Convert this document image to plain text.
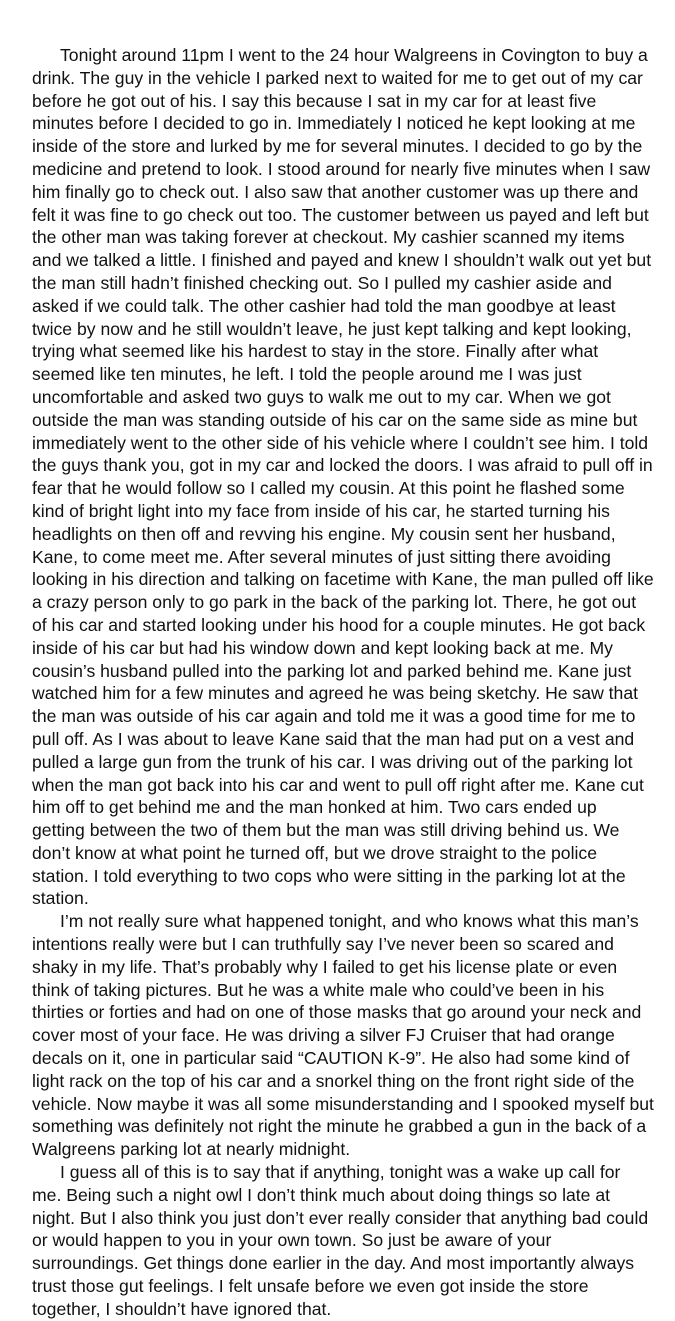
Tonight around 11pm I went to the 24 hour Walgreens in Covington to buy a drink. The guy in the vehicle I parked next to waited for me to get out of my car before he got out of his. I say this because I sat in my car for at least five minutes before I decided to go in. Immediately I noticed he kept looking at me inside of the store and lurked by me for several minutes. I decided to go by the medicine and pretend to look. I stood around for nearly five minutes when I saw him finally go to check out. I also saw that another customer was up there and felt it was fine to go check out too. The customer between us payed and left but the other man was taking forever at checkout. My cashier scanned my items and we talked a little. I finished and payed and knew I shouldn’t walk out yet but the man still hadn’t finished checking out. So I pulled my cashier aside and asked if we could talk. The other cashier had told the man goodbye at least twice by now and he still wouldn’t leave, he just kept talking and kept looking, trying what seemed like his hardest to stay in the store. Finally after what seemed like ten minutes, he left. I told the people around me I was just uncomfortable and asked two guys to walk me out to my car. When we got outside the man was standing outside of his car on the same side as mine but immediately went to the other side of his vehicle where I couldn’t see him. I told the guys thank you, got in my car and locked the doors. I was afraid to pull off in fear that he would follow so I called my cousin. At this point he flashed some kind of bright light into my face from inside of his car, he started turning his headlights on then off and revving his engine. My cousin sent her husband, Kane, to come meet me. After several minutes of just sitting there avoiding looking in his direction and talking on facetime with Kane, the man pulled off like a crazy person only to go park in the back of the parking lot. There, he got out of his car and started looking under his hood for a couple minutes. He got back inside of his car but had his window down and kept looking back at me. My cousin’s husband pulled into the parking lot and parked behind me. Kane just watched him for a few minutes and agreed he was being sketchy. He saw that the man was outside of his car again and told me it was a good time for me to pull off. As I was about to leave Kane said that the man had put on a vest and pulled a large gun from the trunk of his car. I was driving out of the parking lot when the man got back into his car and went to pull off right after me. Kane cut him off to get behind me and the man honked at him. Two cars ended up getting between the two of them but the man was still driving behind us. We don’t know at what point he turned off, but we drove straight to the police station. I told everything to two cops who were sitting in the parking lot at the station.

I’m not really sure what happened tonight, and who knows what this man’s intentions really were but I can truthfully say I’ve never been so scared and shaky in my life. That’s probably why I failed to get his license plate or even think of taking pictures. But he was a white male who could’ve been in his thirties or forties and had on one of those masks that go around your neck and cover most of your face. He was driving a silver FJ Cruiser that had orange decals on it, one in particular said “CAUTION K-9”. He also had some kind of light rack on the top of his car and a snorkel thing on the front right side of the vehicle. Now maybe it was all some misunderstanding and I spooked myself but something was definitely not right the minute he grabbed a gun in the back of a Walgreens parking lot at nearly midnight.

I guess all of this is to say that if anything, tonight was a wake up call for me. Being such a night owl I don’t think much about doing things so late at night. But I also think you just don’t ever really consider that anything bad could or would happen to you in your own town. So just be aware of your surroundings. Get things done earlier in the day. And most importantly always trust those gut feelings. I felt unsafe before we even got inside the store together, I shouldn’t have ignored that.
